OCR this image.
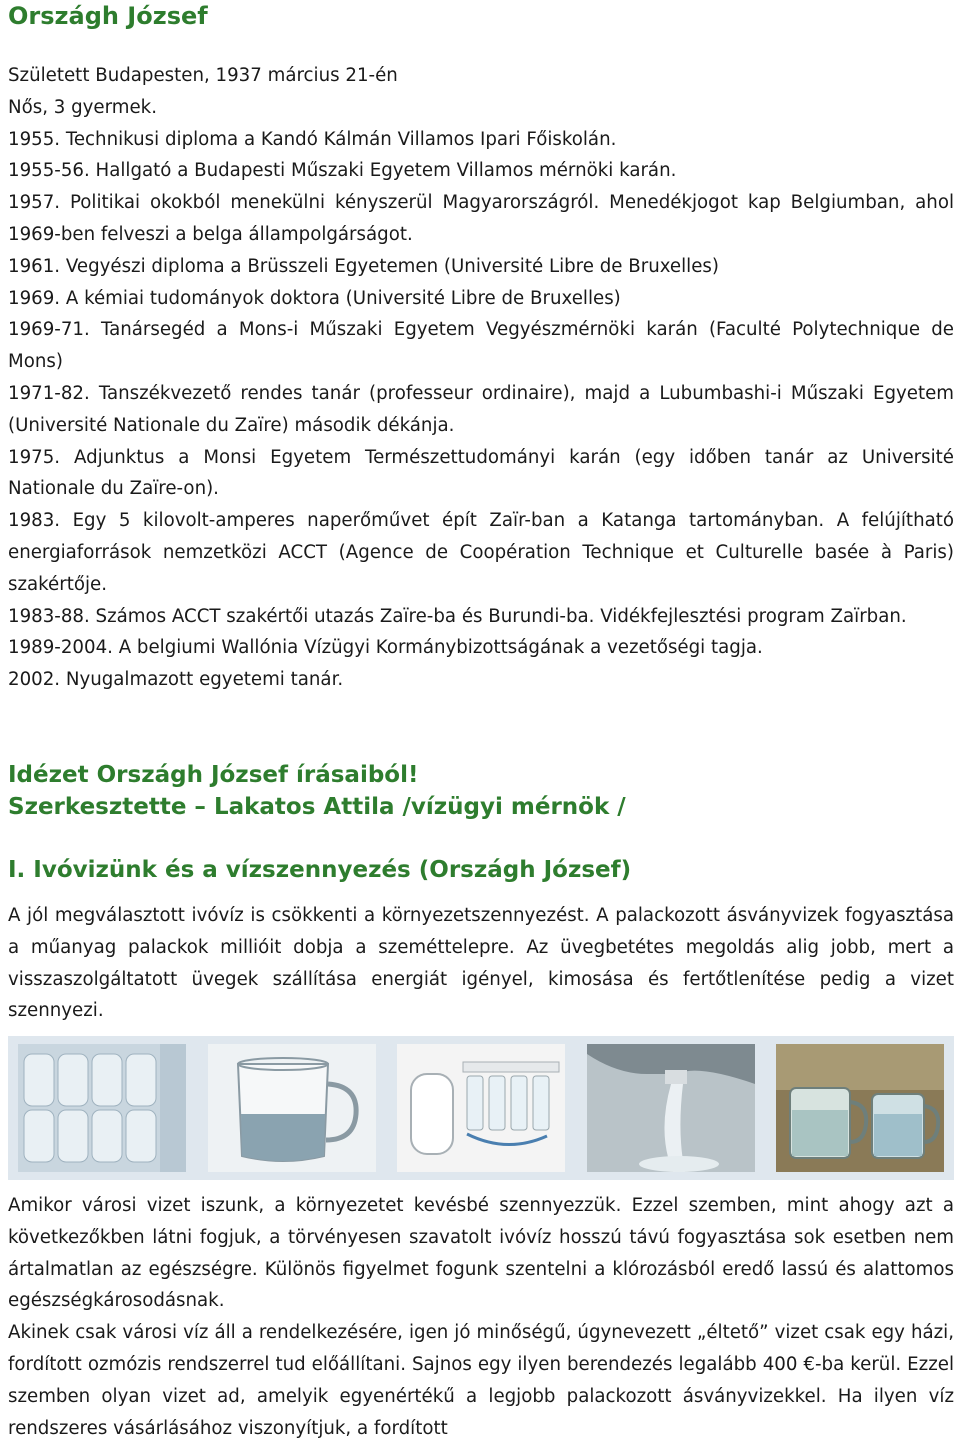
Országh József

Született Budapesten, 1937 március 21-én

Nős, 3 gyermek.

1955. Technikusi diploma a Kandó Kálmán Villamos Ipari Főiskolán.

1955-56. Hallgató a Budapesti Műszaki Egyetem Villamos mérnöki karán.

1957. Politikai okokból menekülni kényszerül Magyarországról. Menedékjogot kap Belgiumban, ahol 1969-ben felveszi a belga állampolgárságot.

1961. Vegyészi diploma a Brüsszeli Egyetemen (Université Libre de Bruxelles)

1969. A kémiai tudományok doktora (Université Libre de Bruxelles)

1969-71. Tanársegéd a Mons-i Műszaki Egyetem Vegyészmérnöki karán (Faculté Polytechnique de Mons)

1971-82. Tanszékvezető rendes tanár (professeur ordinaire), majd a Lubumbashi-i Műszaki Egyetem (Université Nationale du Zaïre) második dékánja.

1975. Adjunktus a Monsi Egyetem Természettudományi karán (egy időben tanár az Université Nationale du Zaïre-on).

1983. Egy 5 kilovolt-amperes naperőművet épít Zaïr-ban a Katanga tartományban. A felújítható energiaforrások nemzetközi ACCT (Agence de Coopération Technique et Culturelle basée à Paris) szakértője.

1983-88. Számos ACCT szakértői utazás Zaïre-ba és Burundi-ba. Vidékfejlesztési program Zaïrban.

1989-2004. A belgiumi Wallónia Vízügyi Kormánybizottságának a vezetőségi tagja.

2002. Nyugalmazott egyetemi tanár.

Idézet Országh József írásaiból!
Szerkesztette – Lakatos Attila /vízügyi mérnök /
I. Ivóvizünk és a vízszennyezés (Országh József)

A jól megválasztott ivóvíz is csökkenti a környezetszennyezést. A palackozott ásványvizek fogyasztása a műanyag palackok millióit dobja a szeméttelepre. Az üvegbetétes megoldás alig jobb, mert a visszaszolgáltatott üvegek szállítása energiát igényel, kimosása és fertőtlenítése pedig a vizet szennyezi.

Amikor városi vizet iszunk, a környezetet kevésbé szennyezzük. Ezzel szemben, mint ahogy azt a következőkben látni fogjuk, a törvényesen szavatolt ivóvíz hosszú távú fogyasztása sok esetben nem ártalmatlan az egészségre. Különös figyelmet fogunk szentelni a klórozásból eredő lassú és alattomos egészségkárosodásnak.

Akinek csak városi víz áll a rendelkezésére, igen jó minőségű, úgynevezett „éltető” vizet csak egy házi, fordított ozmózis rendszerrel tud előállítani. Sajnos egy ilyen berendezés legalább 400 €-ba kerül. Ezzel szemben olyan vizet ad, amelyik egyenértékű a legjobb palackozott ásványvizekkel. Ha ilyen víz rendszeres vásárlásához viszonyítjuk, a fordított
